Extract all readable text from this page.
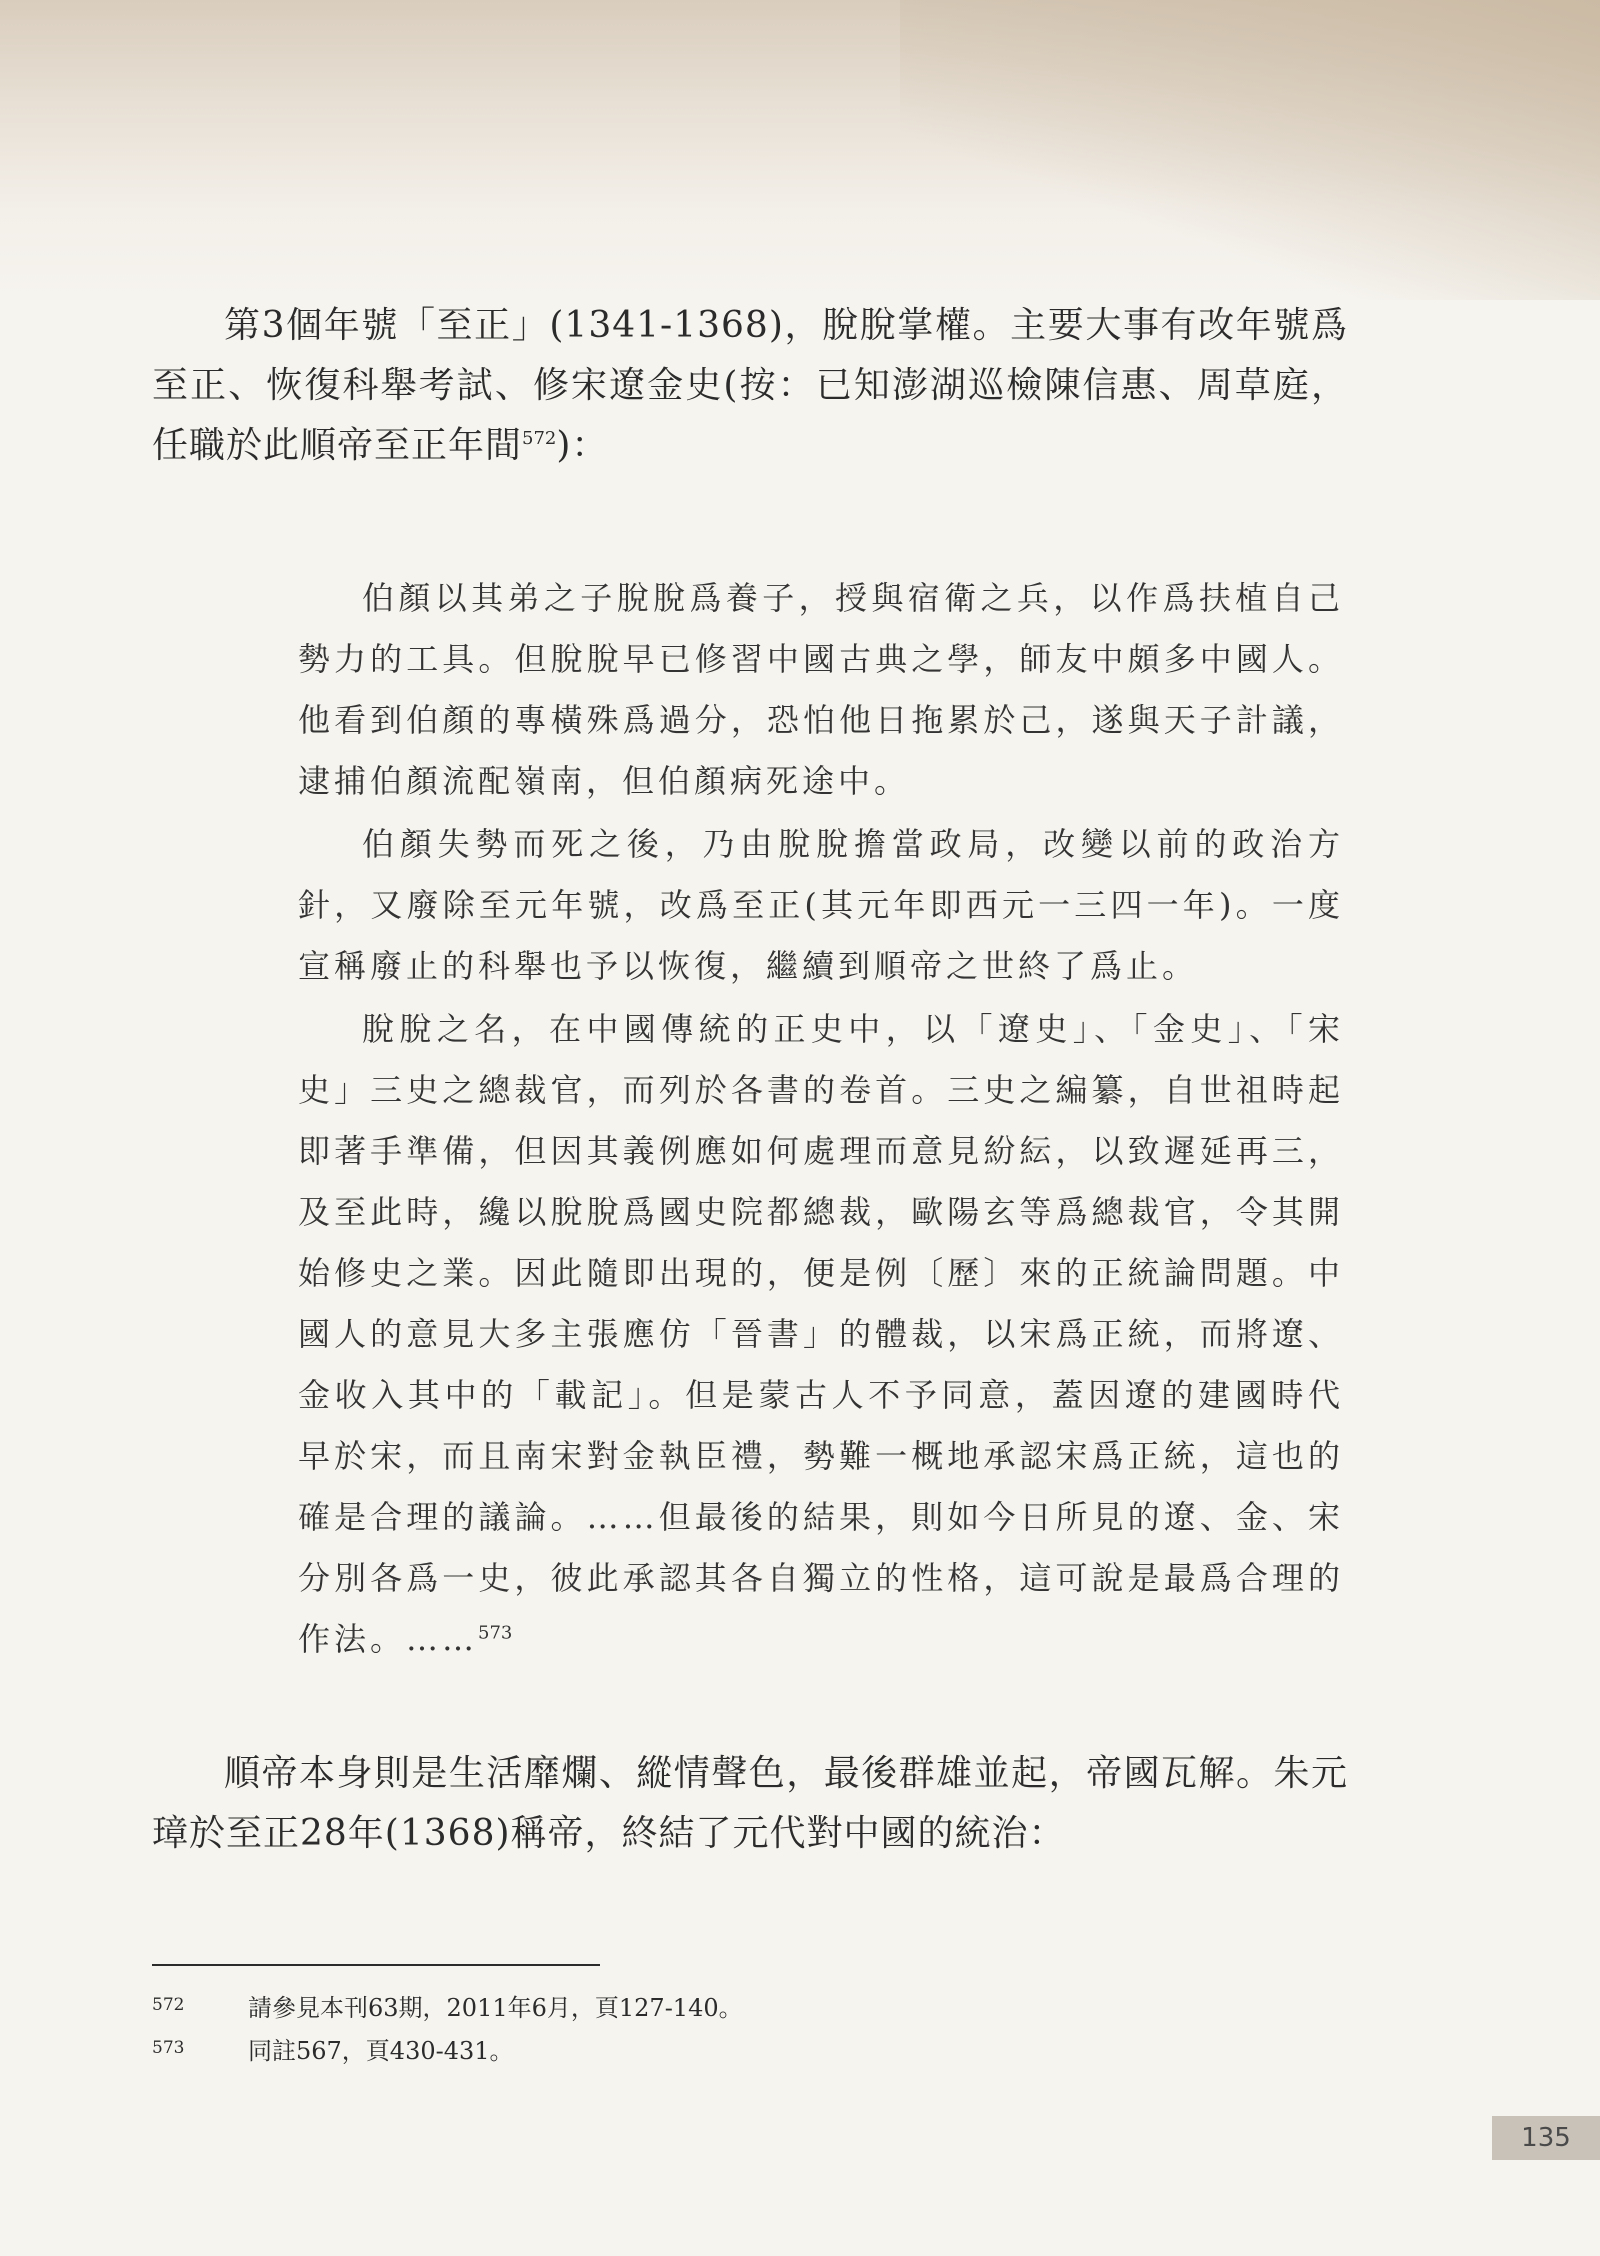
第3個年號「至正」(1341-1368)，脫脫掌權。主要大事有改年號爲至正、恢復科舉考試、修宋遼金史(按：已知澎湖巡檢陳信惠、周草庭，任職於此順帝至正年間$^{572}$)：

伯顏以其弟之子脫脫爲養子，授與宿衛之兵，以作爲扶植自己勢力的工具。但脫脫早已修習中國古典之學，師友中頗多中國人。他看到伯顏的專橫殊爲過分，恐怕他日拖累於己，遂與天子計議，逮捕伯顏流配嶺南，但伯顏病死途中。

伯顏失勢而死之後，乃由脫脫擔當政局，改變以前的政治方針，又廢除至元年號，改爲至正(其元年即西元一三四一年)。一度宣稱廢止的科舉也予以恢復，繼續到順帝之世終了爲止。

脫脫之名，在中國傳統的正史中，以「遼史」、「金史」、「宋史」三史之總裁官，而列於各書的卷首。三史之編纂，自世祖時起即著手準備，但因其義例應如何處理而意見紛紜，以致遲延再三，及至此時，纔以脫脫爲國史院都總裁，歐陽玄等爲總裁官，令其開始修史之業。因此隨即出現的，便是例〔歷〕來的正統論問題。中國人的意見大多主張應仿「晉書」的體裁，以宋爲正統，而將遼、金收入其中的「載記」。但是蒙古人不予同意，蓋因遼的建國時代早於宋，而且南宋對金執臣禮，勢難一概地承認宋爲正統，這也的確是合理的議論。……但最後的結果，則如今日所見的遼、金、宋分別各爲一史，彼此承認其各自獨立的性格，這可說是最爲合理的作法。……$^{573}$

順帝本身則是生活靡爛、縱情聲色，最後群雄並起，帝國瓦解。朱元璋於至正28年(1368)稱帝，終結了元代對中國的統治：

572	請參見本刊63期，2011年6月，頁127-140。
573	同註567，頁430-431。
135
